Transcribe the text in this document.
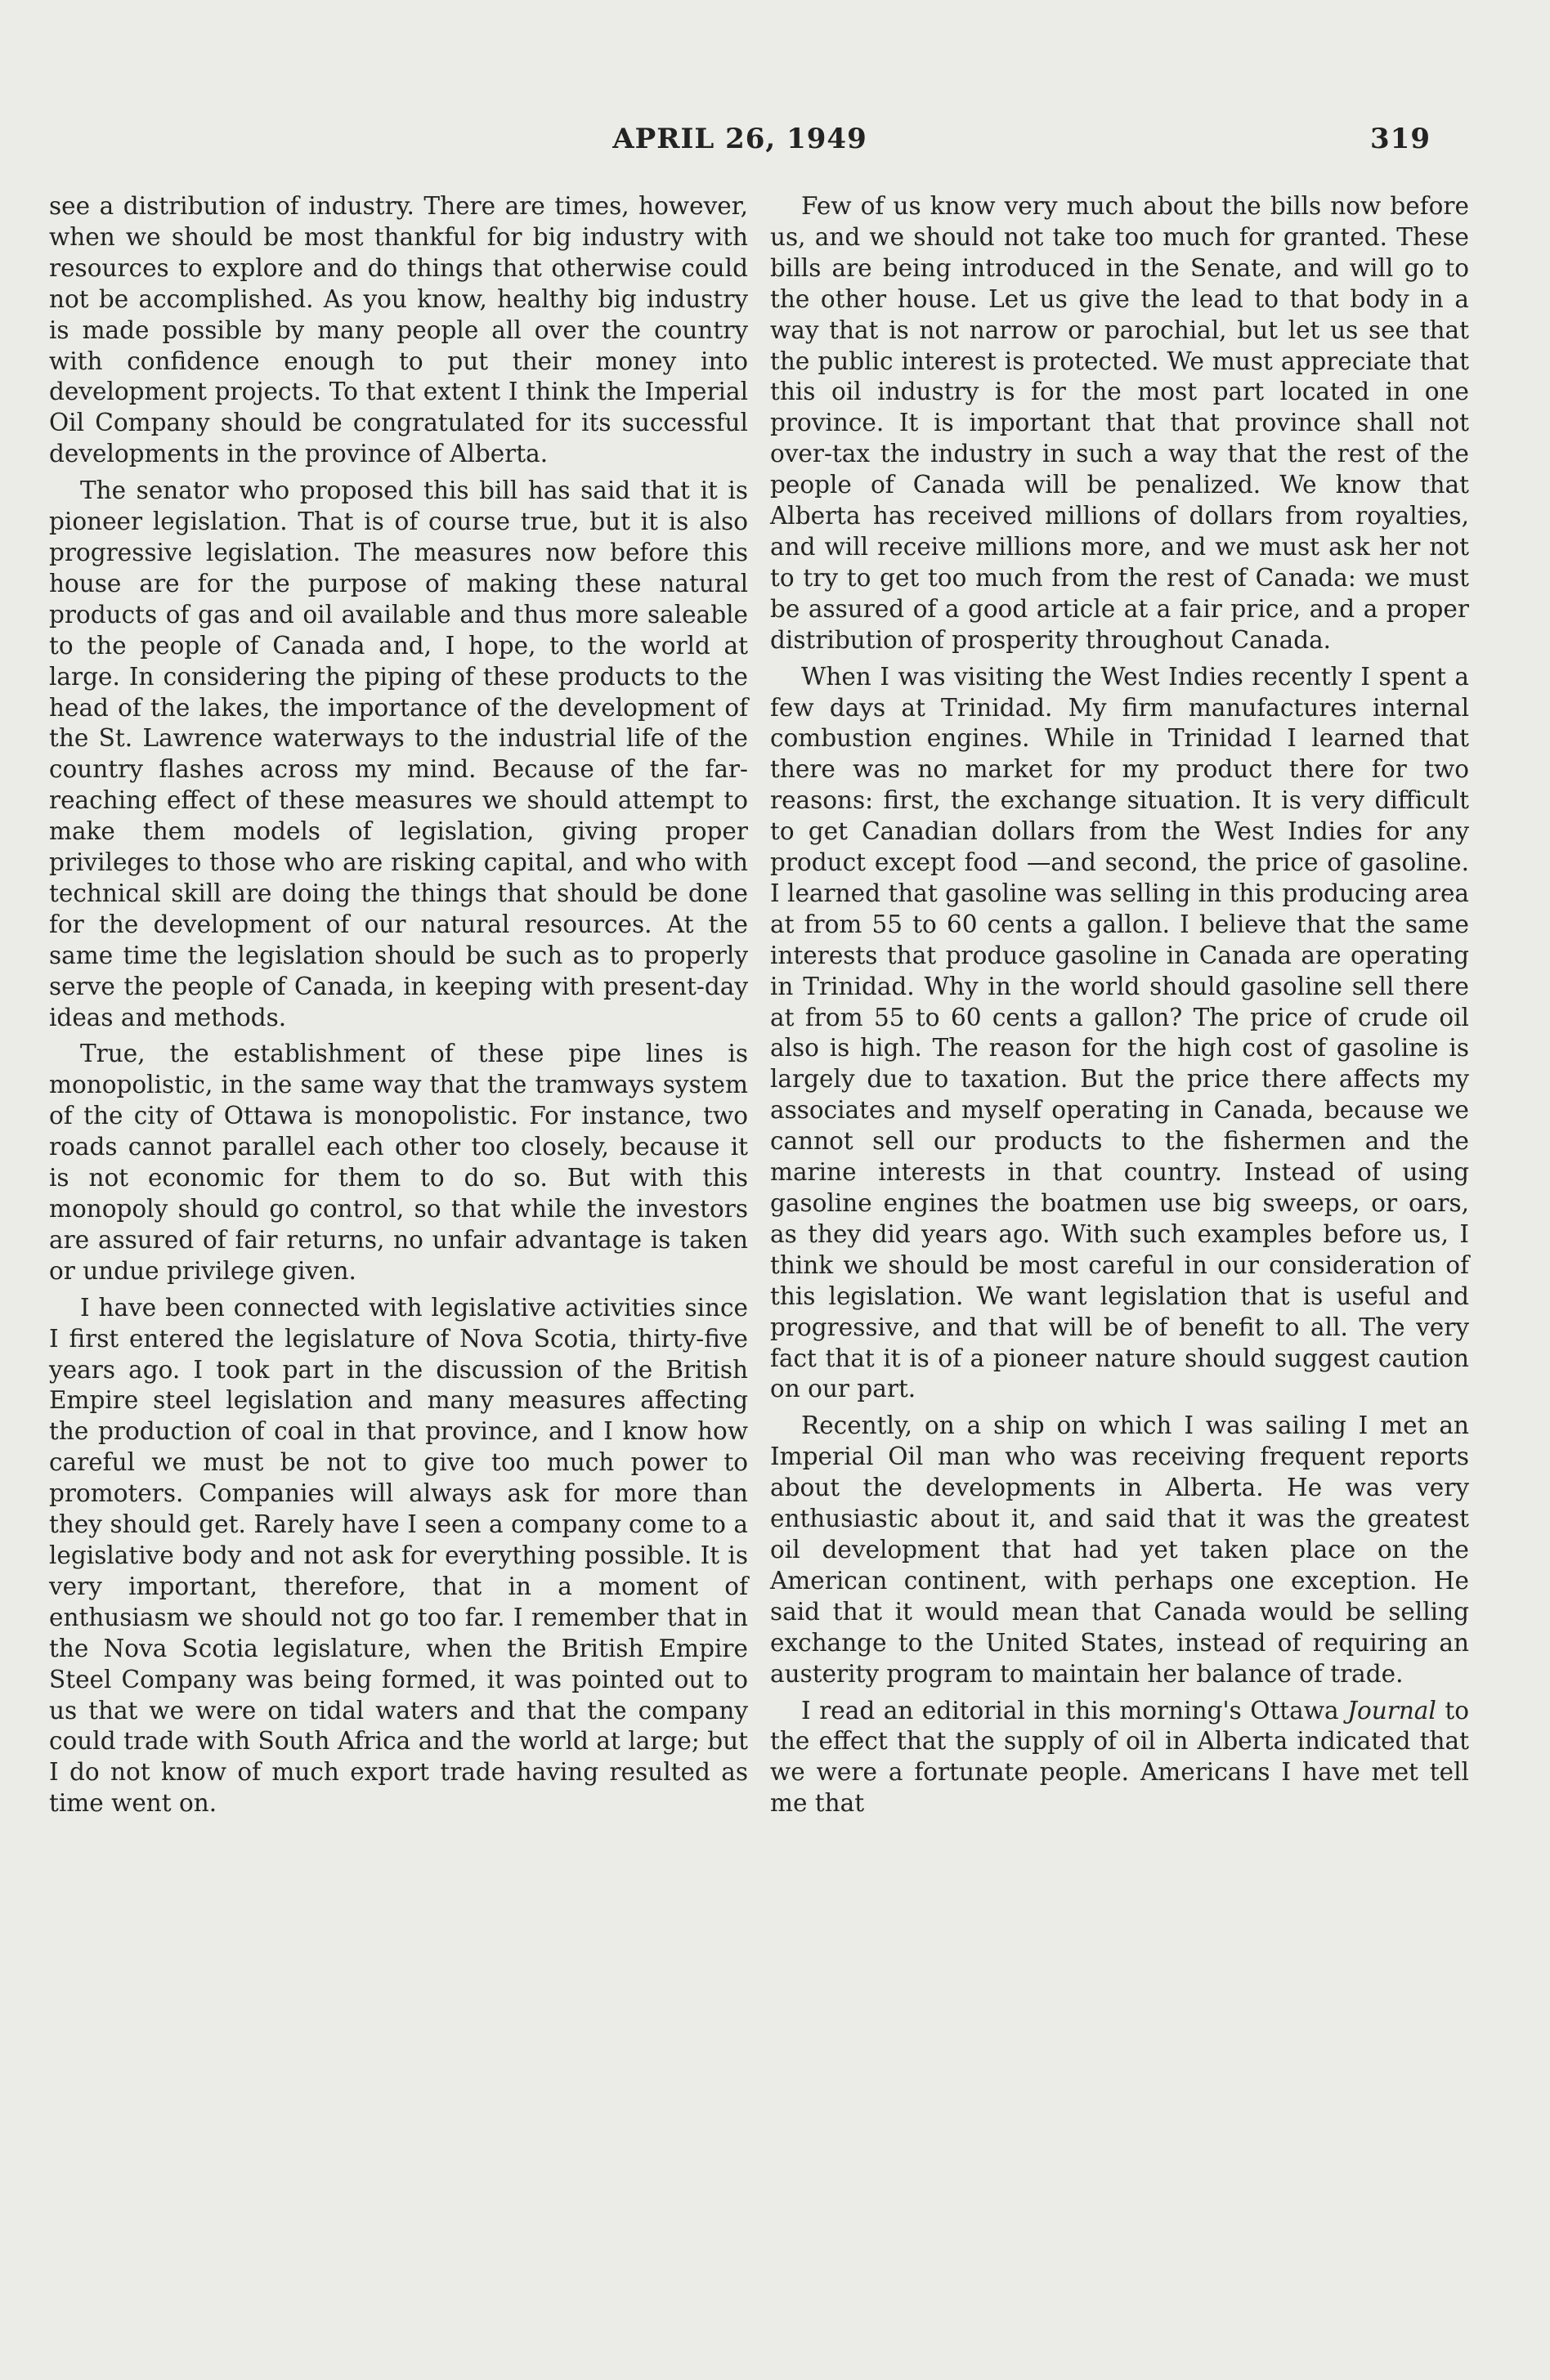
APRIL 26, 1949	319

see a distribution of industry. There are times, however, when we should be most thankful for big industry with resources to explore and do things that otherwise could not be accomplished. As you know, healthy big industry is made possible by many people all over the country with confidence enough to put their money into development projects. To that extent I think the Imperial Oil Company should be congratulated for its successful developments in the province of Alberta.

The senator who proposed this bill has said that it is pioneer legislation. That is of course true, but it is also progressive legislation. The measures now before this house are for the purpose of making these natural products of gas and oil available and thus more saleable to the people of Canada and, I hope, to the world at large. In considering the piping of these products to the head of the lakes, the importance of the development of the St. Lawrence waterways to the industrial life of the country flashes across my mind. Because of the far-reaching effect of these measures we should attempt to make them models of legislation, giving proper privileges to those who are risking capital, and who with technical skill are doing the things that should be done for the development of our natural resources. At the same time the legislation should be such as to properly serve the people of Canada, in keeping with present-day ideas and methods.

True, the establishment of these pipe lines is monopolistic, in the same way that the tramways system of the city of Ottawa is monopolistic. For instance, two roads cannot parallel each other too closely, because it is not economic for them to do so. But with this monopoly should go control, so that while the investors are assured of fair returns, no unfair advantage is taken or undue privilege given.

I have been connected with legislative activities since I first entered the legislature of Nova Scotia, thirty-five years ago. I took part in the discussion of the British Empire steel legislation and many measures affecting the production of coal in that province, and I know how careful we must be not to give too much power to promoters. Companies will always ask for more than they should get. Rarely have I seen a company come to a legislative body and not ask for everything possible. It is very important, therefore, that in a moment of enthusiasm we should not go too far. I remember that in the Nova Scotia legislature, when the British Empire Steel Company was being formed, it was pointed out to us that we were on tidal waters and that the company could trade with South Africa and the world at large; but I do not know of much export trade having resulted as time went on.

Few of us know very much about the bills now before us, and we should not take too much for granted. These bills are being introduced in the Senate, and will go to the other house. Let us give the lead to that body in a way that is not narrow or parochial, but let us see that the public interest is protected. We must appreciate that this oil industry is for the most part located in one province. It is important that that province shall not over-tax the industry in such a way that the rest of the people of Canada will be penalized. We know that Alberta has received millions of dollars from royalties, and will receive millions more, and we must ask her not to try to get too much from the rest of Canada: we must be assured of a good article at a fair price, and a proper distribution of prosperity throughout Canada.

When I was visiting the West Indies recently I spent a few days at Trinidad. My firm manufactures internal combustion engines. While in Trinidad I learned that there was no market for my product there for two reasons: first, the exchange situation. It is very difficult to get Canadian dollars from the West Indies for any product except food —and second, the price of gasoline. I learned that gasoline was selling in this producing area at from 55 to 60 cents a gallon. I believe that the same interests that produce gasoline in Canada are operating in Trinidad. Why in the world should gasoline sell there at from 55 to 60 cents a gallon? The price of crude oil also is high. The reason for the high cost of gasoline is largely due to taxation. But the price there affects my associates and myself operating in Canada, because we cannot sell our products to the fishermen and the marine interests in that country. Instead of using gasoline engines the boatmen use big sweeps, or oars, as they did years ago. With such examples before us, I think we should be most careful in our consideration of this legislation. We want legislation that is useful and progressive, and that will be of benefit to all. The very fact that it is of a pioneer nature should suggest caution on our part.

Recently, on a ship on which I was sailing I met an Imperial Oil man who was receiving frequent reports about the developments in Alberta. He was very enthusiastic about it, and said that it was the greatest oil development that had yet taken place on the American continent, with perhaps one exception. He said that it would mean that Canada would be selling exchange to the United States, instead of requiring an austerity program to maintain her balance of trade.

I read an editorial in this morning's Ottawa Journal to the effect that the supply of oil in Alberta indicated that we were a fortunate people. Americans I have met tell me that
